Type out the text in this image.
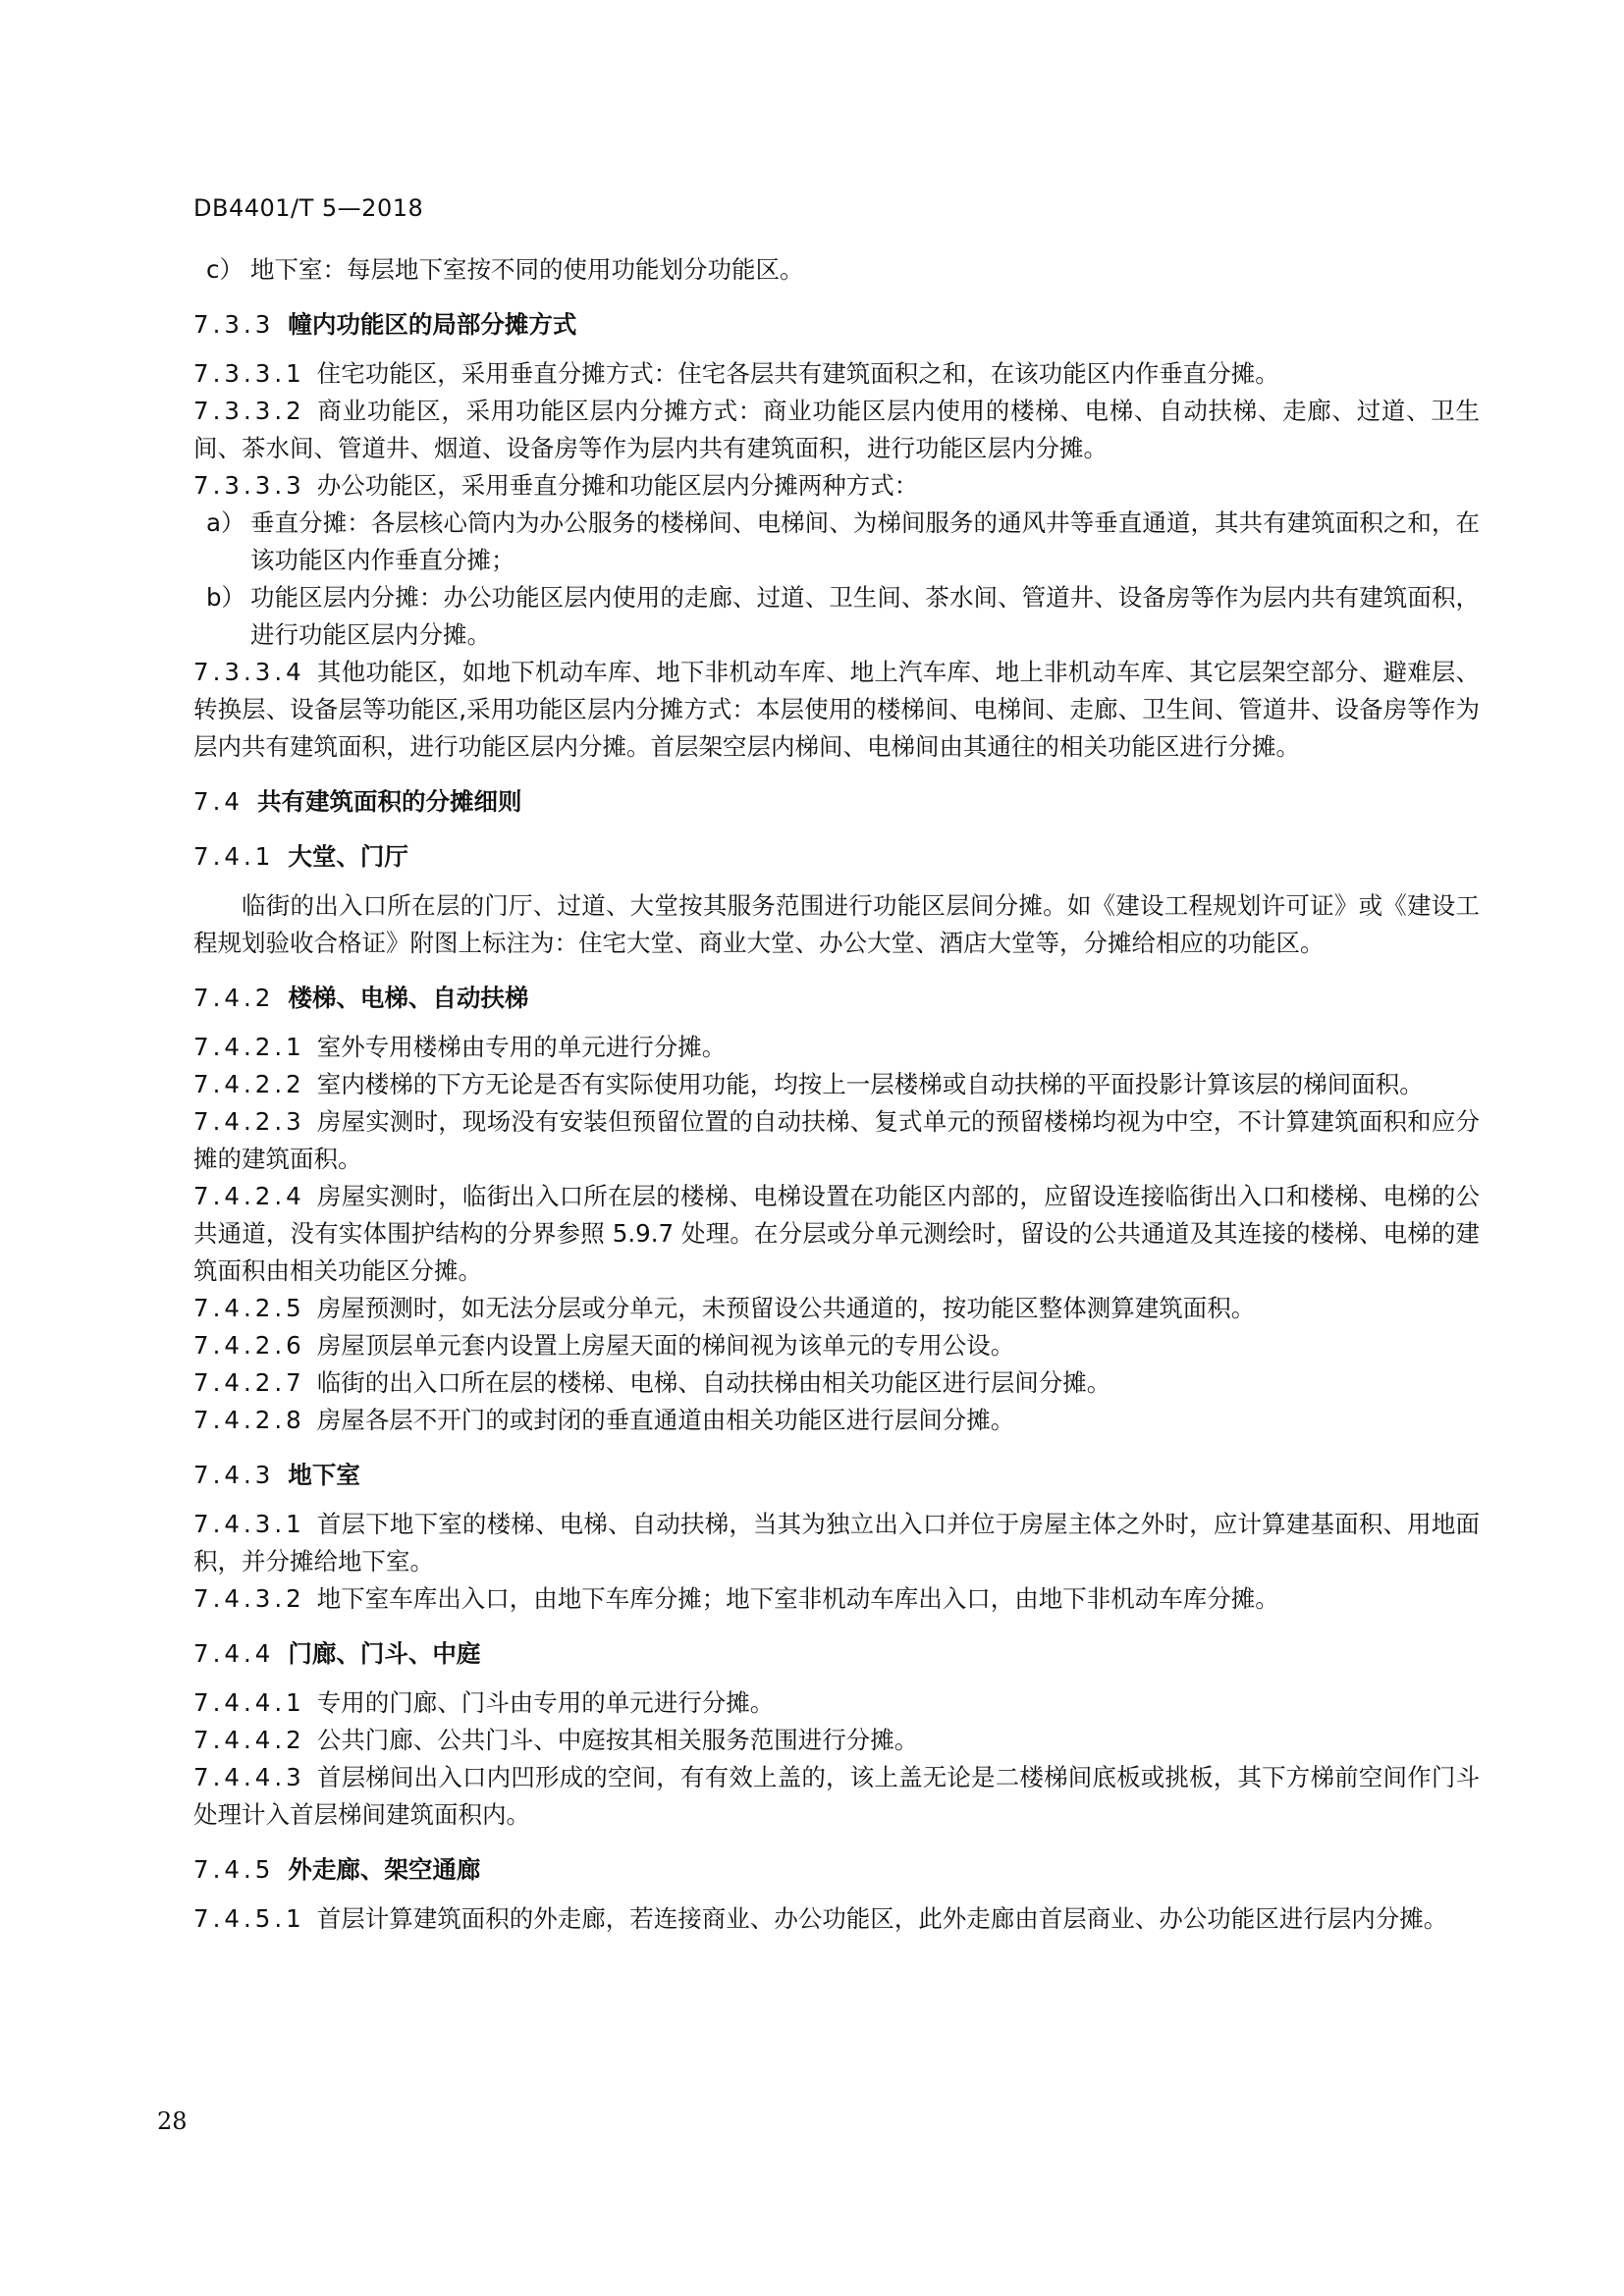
DB4401/T 5—2018
c） 地下室：每层地下室按不同的使用功能划分功能区。
7.3.3 幢内功能区的局部分摊方式
7.3.3.1 住宅功能区，采用垂直分摊方式：住宅各层共有建筑面积之和，在该功能区内作垂直分摊。
7.3.3.2 商业功能区，采用功能区层内分摊方式：商业功能区层内使用的楼梯、电梯、自动扶梯、走廊、过道、卫生间、茶水间、管道井、烟道、设备房等作为层内共有建筑面积，进行功能区层内分摊。
7.3.3.3 办公功能区，采用垂直分摊和功能区层内分摊两种方式：
a） 垂直分摊：各层核心筒内为办公服务的楼梯间、电梯间、为梯间服务的通风井等垂直通道，其共有建筑面积之和，在该功能区内作垂直分摊；
b） 功能区层内分摊：办公功能区层内使用的走廊、过道、卫生间、茶水间、管道井、设备房等作为层内共有建筑面积，进行功能区层内分摊。
7.3.3.4 其他功能区，如地下机动车库、地下非机动车库、地上汽车库、地上非机动车库、其它层架空部分、避难层、转换层、设备层等功能区,采用功能区层内分摊方式：本层使用的楼梯间、电梯间、走廊、卫生间、管道井、设备房等作为层内共有建筑面积，进行功能区层内分摊。首层架空层内梯间、电梯间由其通往的相关功能区进行分摊。
7.4 共有建筑面积的分摊细则
7.4.1 大堂、门厅
临街的出入口所在层的门厅、过道、大堂按其服务范围进行功能区层间分摊。如《建设工程规划许可证》或《建设工程规划验收合格证》附图上标注为：住宅大堂、商业大堂、办公大堂、酒店大堂等，分摊给相应的功能区。
7.4.2 楼梯、电梯、自动扶梯
7.4.2.1 室外专用楼梯由专用的单元进行分摊。
7.4.2.2 室内楼梯的下方无论是否有实际使用功能，均按上一层楼梯或自动扶梯的平面投影计算该层的梯间面积。
7.4.2.3 房屋实测时，现场没有安装但预留位置的自动扶梯、复式单元的预留楼梯均视为中空，不计算建筑面积和应分摊的建筑面积。
7.4.2.4 房屋实测时，临街出入口所在层的楼梯、电梯设置在功能区内部的，应留设连接临街出入口和楼梯、电梯的公共通道，没有实体围护结构的分界参照 5.9.7 处理。在分层或分单元测绘时，留设的公共通道及其连接的楼梯、电梯的建筑面积由相关功能区分摊。
7.4.2.5 房屋预测时，如无法分层或分单元，未预留设公共通道的，按功能区整体测算建筑面积。
7.4.2.6 房屋顶层单元套内设置上房屋天面的梯间视为该单元的专用公设。
7.4.2.7 临街的出入口所在层的楼梯、电梯、自动扶梯由相关功能区进行层间分摊。
7.4.2.8 房屋各层不开门的或封闭的垂直通道由相关功能区进行层间分摊。
7.4.3 地下室
7.4.3.1 首层下地下室的楼梯、电梯、自动扶梯，当其为独立出入口并位于房屋主体之外时，应计算建基面积、用地面积，并分摊给地下室。
7.4.3.2 地下室车库出入口，由地下车库分摊；地下室非机动车库出入口，由地下非机动车库分摊。
7.4.4 门廊、门斗、中庭
7.4.4.1 专用的门廊、门斗由专用的单元进行分摊。
7.4.4.2 公共门廊、公共门斗、中庭按其相关服务范围进行分摊。
7.4.4.3 首层梯间出入口内凹形成的空间，有有效上盖的，该上盖无论是二楼梯间底板或挑板，其下方梯前空间作门斗处理计入首层梯间建筑面积内。
7.4.5 外走廊、架空通廊
7.4.5.1 首层计算建筑面积的外走廊，若连接商业、办公功能区，此外走廊由首层商业、办公功能区进行层内分摊。
28
